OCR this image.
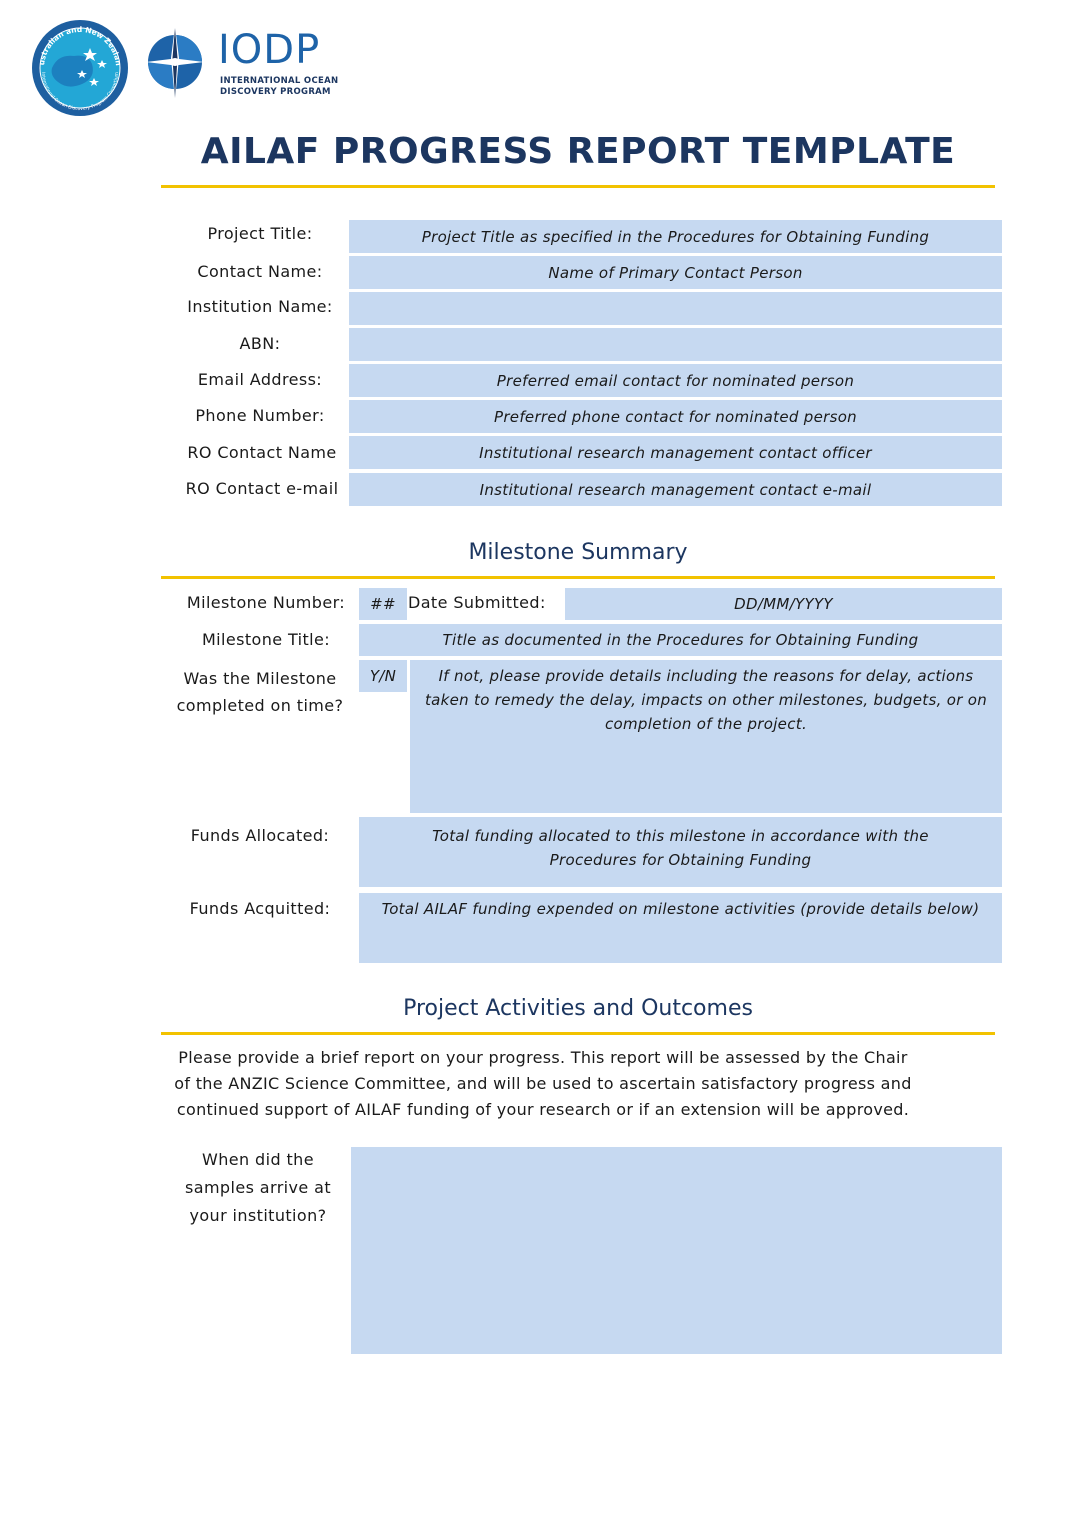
ustralian and New Zealan
International Ocean Discovery Program Consortium
IODP
INTERNATIONAL OCEAN
DISCOVERY PROGRAM
AILAF PROGRESS REPORT TEMPLATE
Project Title:	Project Title as specified in the Procedures for Obtaining Funding
Contact Name:	Name of Primary Contact Person
Institution Name:
ABN:
Email Address:	Preferred email contact for nominated person
Phone Number:	Preferred phone contact for nominated person
RO Contact Name	Institutional research management contact officer
RO Contact e-mail	Institutional research management contact e-mail
Milestone Summary
Milestone Number:	## Date Submitted:	DD/MM/YYYY
Milestone Title:	Title as documented in the Procedures for Obtaining Funding
Was the Milestone
completed on time?
Y/N	If not, please provide details including the reasons for delay, actions taken to remedy the delay, impacts on other milestones, budgets, or on completion of the project.
Funds Allocated:	Total funding allocated to this milestone in accordance with the Procedures for Obtaining Funding
Funds Acquitted:	Total AILAF funding expended on milestone activities (provide details below)
Project Activities and Outcomes
Please provide a brief report on your progress. This report will be assessed by the Chair of the ANZIC Science Committee, and will be used to ascertain satisfactory progress and continued support of AILAF funding of your research or if an extension will be approved.
When did the
samples arrive at
your institution?
